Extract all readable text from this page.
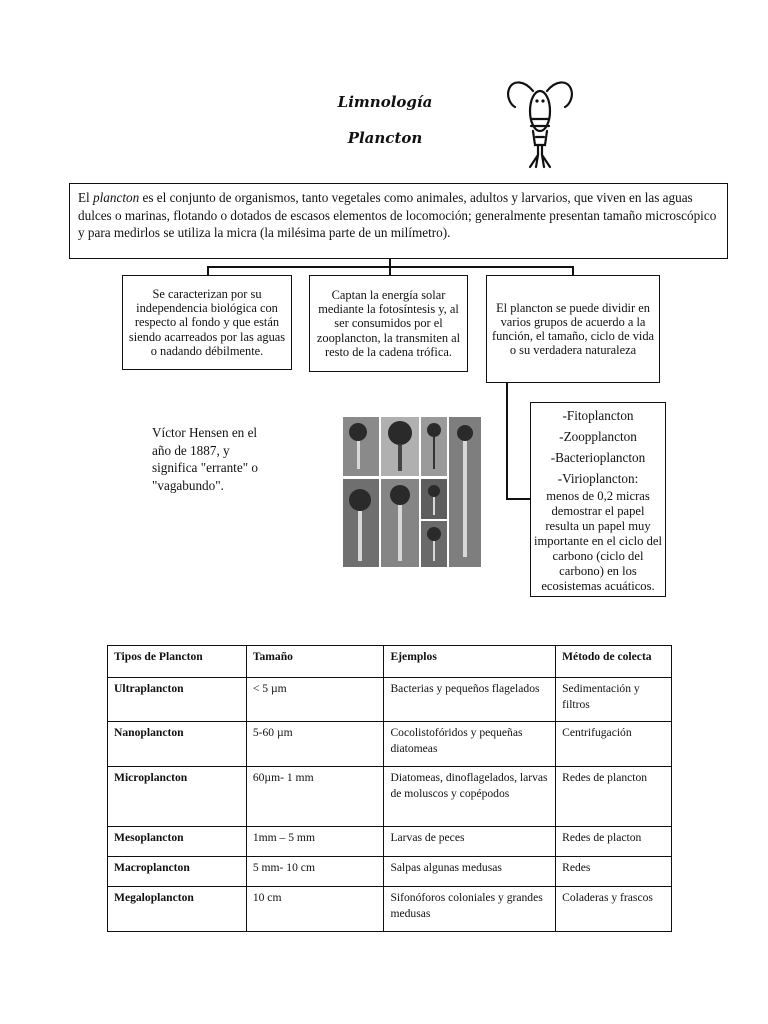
Limnología
Plancton
El plancton es el conjunto de organismos, tanto vegetales como animales, adultos y larvarios, que viven en las aguas dulces o marinas, flotando o dotados de escasos elementos de locomoción; generalmente presentan tamaño microscópico y para medirlos se utiliza la micra (la milésima parte de un milímetro).
Se caracterizan por su independencia biológica con respecto al fondo y que están siendo acarreados por las aguas o nadando débilmente.
Captan la energía solar mediante la fotosíntesis y, al ser consumidos por el zooplancton, la transmiten al resto de la cadena trófica.
El plancton se puede dividir en varios grupos de acuerdo a la función, el tamaño, ciclo de vida o su verdadera naturaleza
Víctor Hensen en el año de 1887, y significa "errante" o "vagabundo".
-Fitoplancton
-Zoopplancton
-Bacterioplancton
-Virioplancton:
menos de 0,2 micras demostrar el papel resulta un papel muy importante en el ciclo del carbono (ciclo del carbono) en los ecosistemas acuáticos.
Tipos de Plancton	Tamaño	Ejemplos	Método de colecta
Ultraplancton	< 5 µm	Bacterias y pequeños flagelados	Sedimentación y filtros
Nanoplancton	5-60 µm	Cocolistofóridos y pequeñas diatomeas	Centrifugación
Microplancton	60µm- 1 mm	Diatomeas, dinoflagelados, larvas de moluscos y copépodos	Redes de plancton
Mesoplancton	1mm – 5 mm	Larvas de peces	Redes de placton
Macroplancton	5 mm- 10 cm	Salpas algunas medusas	Redes
Megaloplancton	10 cm	Sifonóforos coloniales y grandes medusas	Coladeras y frascos
